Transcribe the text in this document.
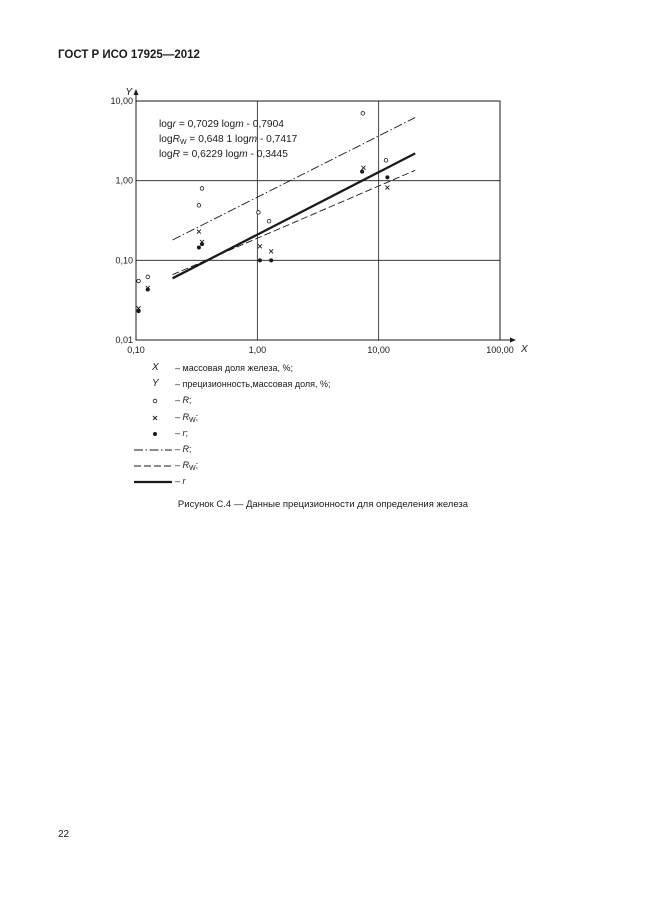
ГОСТ Р ИСО 17925—2012
0,10	1,00	10,00	100,00
0,01
0,10
1,00
10,00
X
Y
logr = 0,7029 logm - 0,7904
logR$_W$ = 0,648 1 logm - 0,7417
logR = 0,6229 logm - 0,3445
X – массовая доля железа, %;
Y – прецизионность,массовая доля, %;
– R;
– $R_W$;
– r;
– R;
– $R_W$;
– r
Рисунок С.4 — Данные прецизионности для определения железа
22
